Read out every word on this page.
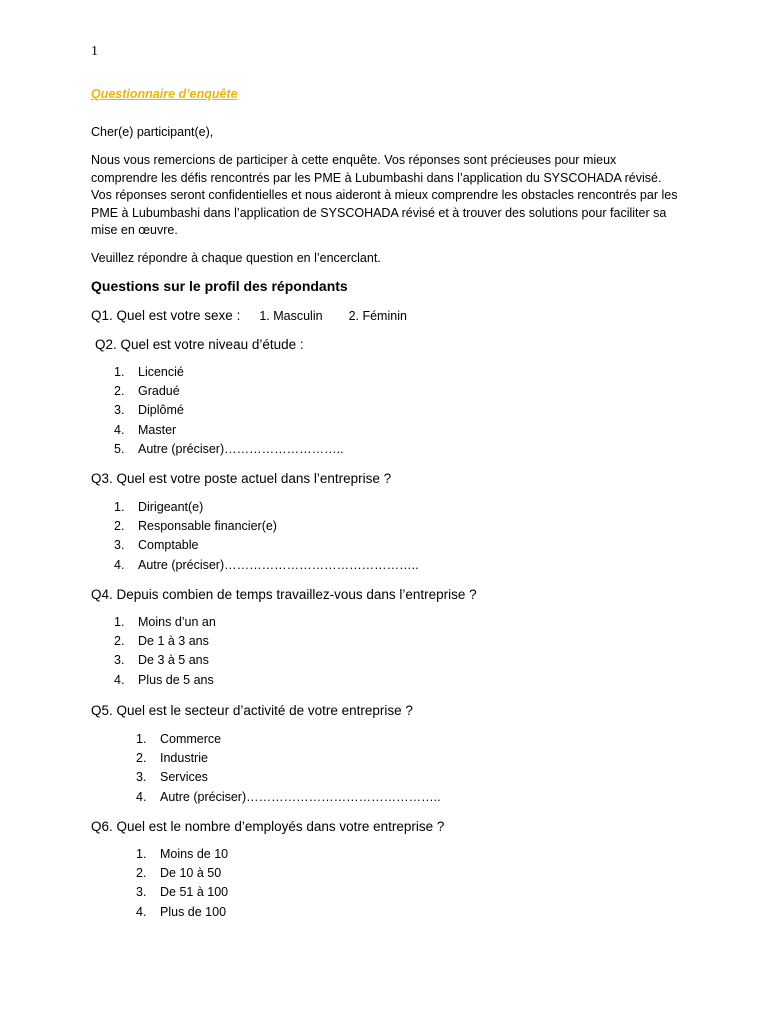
1
Questionnaire d’enquête
Cher(e) participant(e),
Nous vous remercions de participer à cette enquête. Vos réponses sont précieuses pour mieux comprendre les défis rencontrés par les PME à Lubumbashi dans l’application du SYSCOHADA révisé. Vos réponses seront confidentielles et nous aideront à mieux comprendre les obstacles rencontrés par les PME à Lubumbashi dans l’application de SYSCOHADA révisé et à trouver des solutions pour faciliter sa mise en œuvre.
Veuillez répondre à chaque question en l’encerclant.
Questions sur le profil des répondants
Q1. Quel est votre sexe : 1. Masculin 2. Féminin
Q2. Quel est votre niveau d’étude :
1.	Licencié
2.	Gradué
3.	Diplômé
4.	Master
5.	Autre (préciser)………………………..
Q3. Quel est votre poste actuel dans l’entreprise ?
1.	Dirigeant(e)
2.	Responsable financier(e)
3.	Comptable
4.	Autre (préciser)………………………………………..
Q4. Depuis combien de temps travaillez-vous dans l’entreprise ?
1.	Moins d’un an
2.	De 1 à 3 ans
3.	De 3 à 5 ans
4.	Plus de 5 ans
Q5. Quel est le secteur d’activité de votre entreprise ?
1.	Commerce
2.	Industrie
3.	Services
4.	Autre (préciser)………………………………………..
Q6. Quel est le nombre d’employés dans votre entreprise ?
1.	Moins de 10
2.	De 10 à 50
3.	De 51 à 100
4.	Plus de 100
